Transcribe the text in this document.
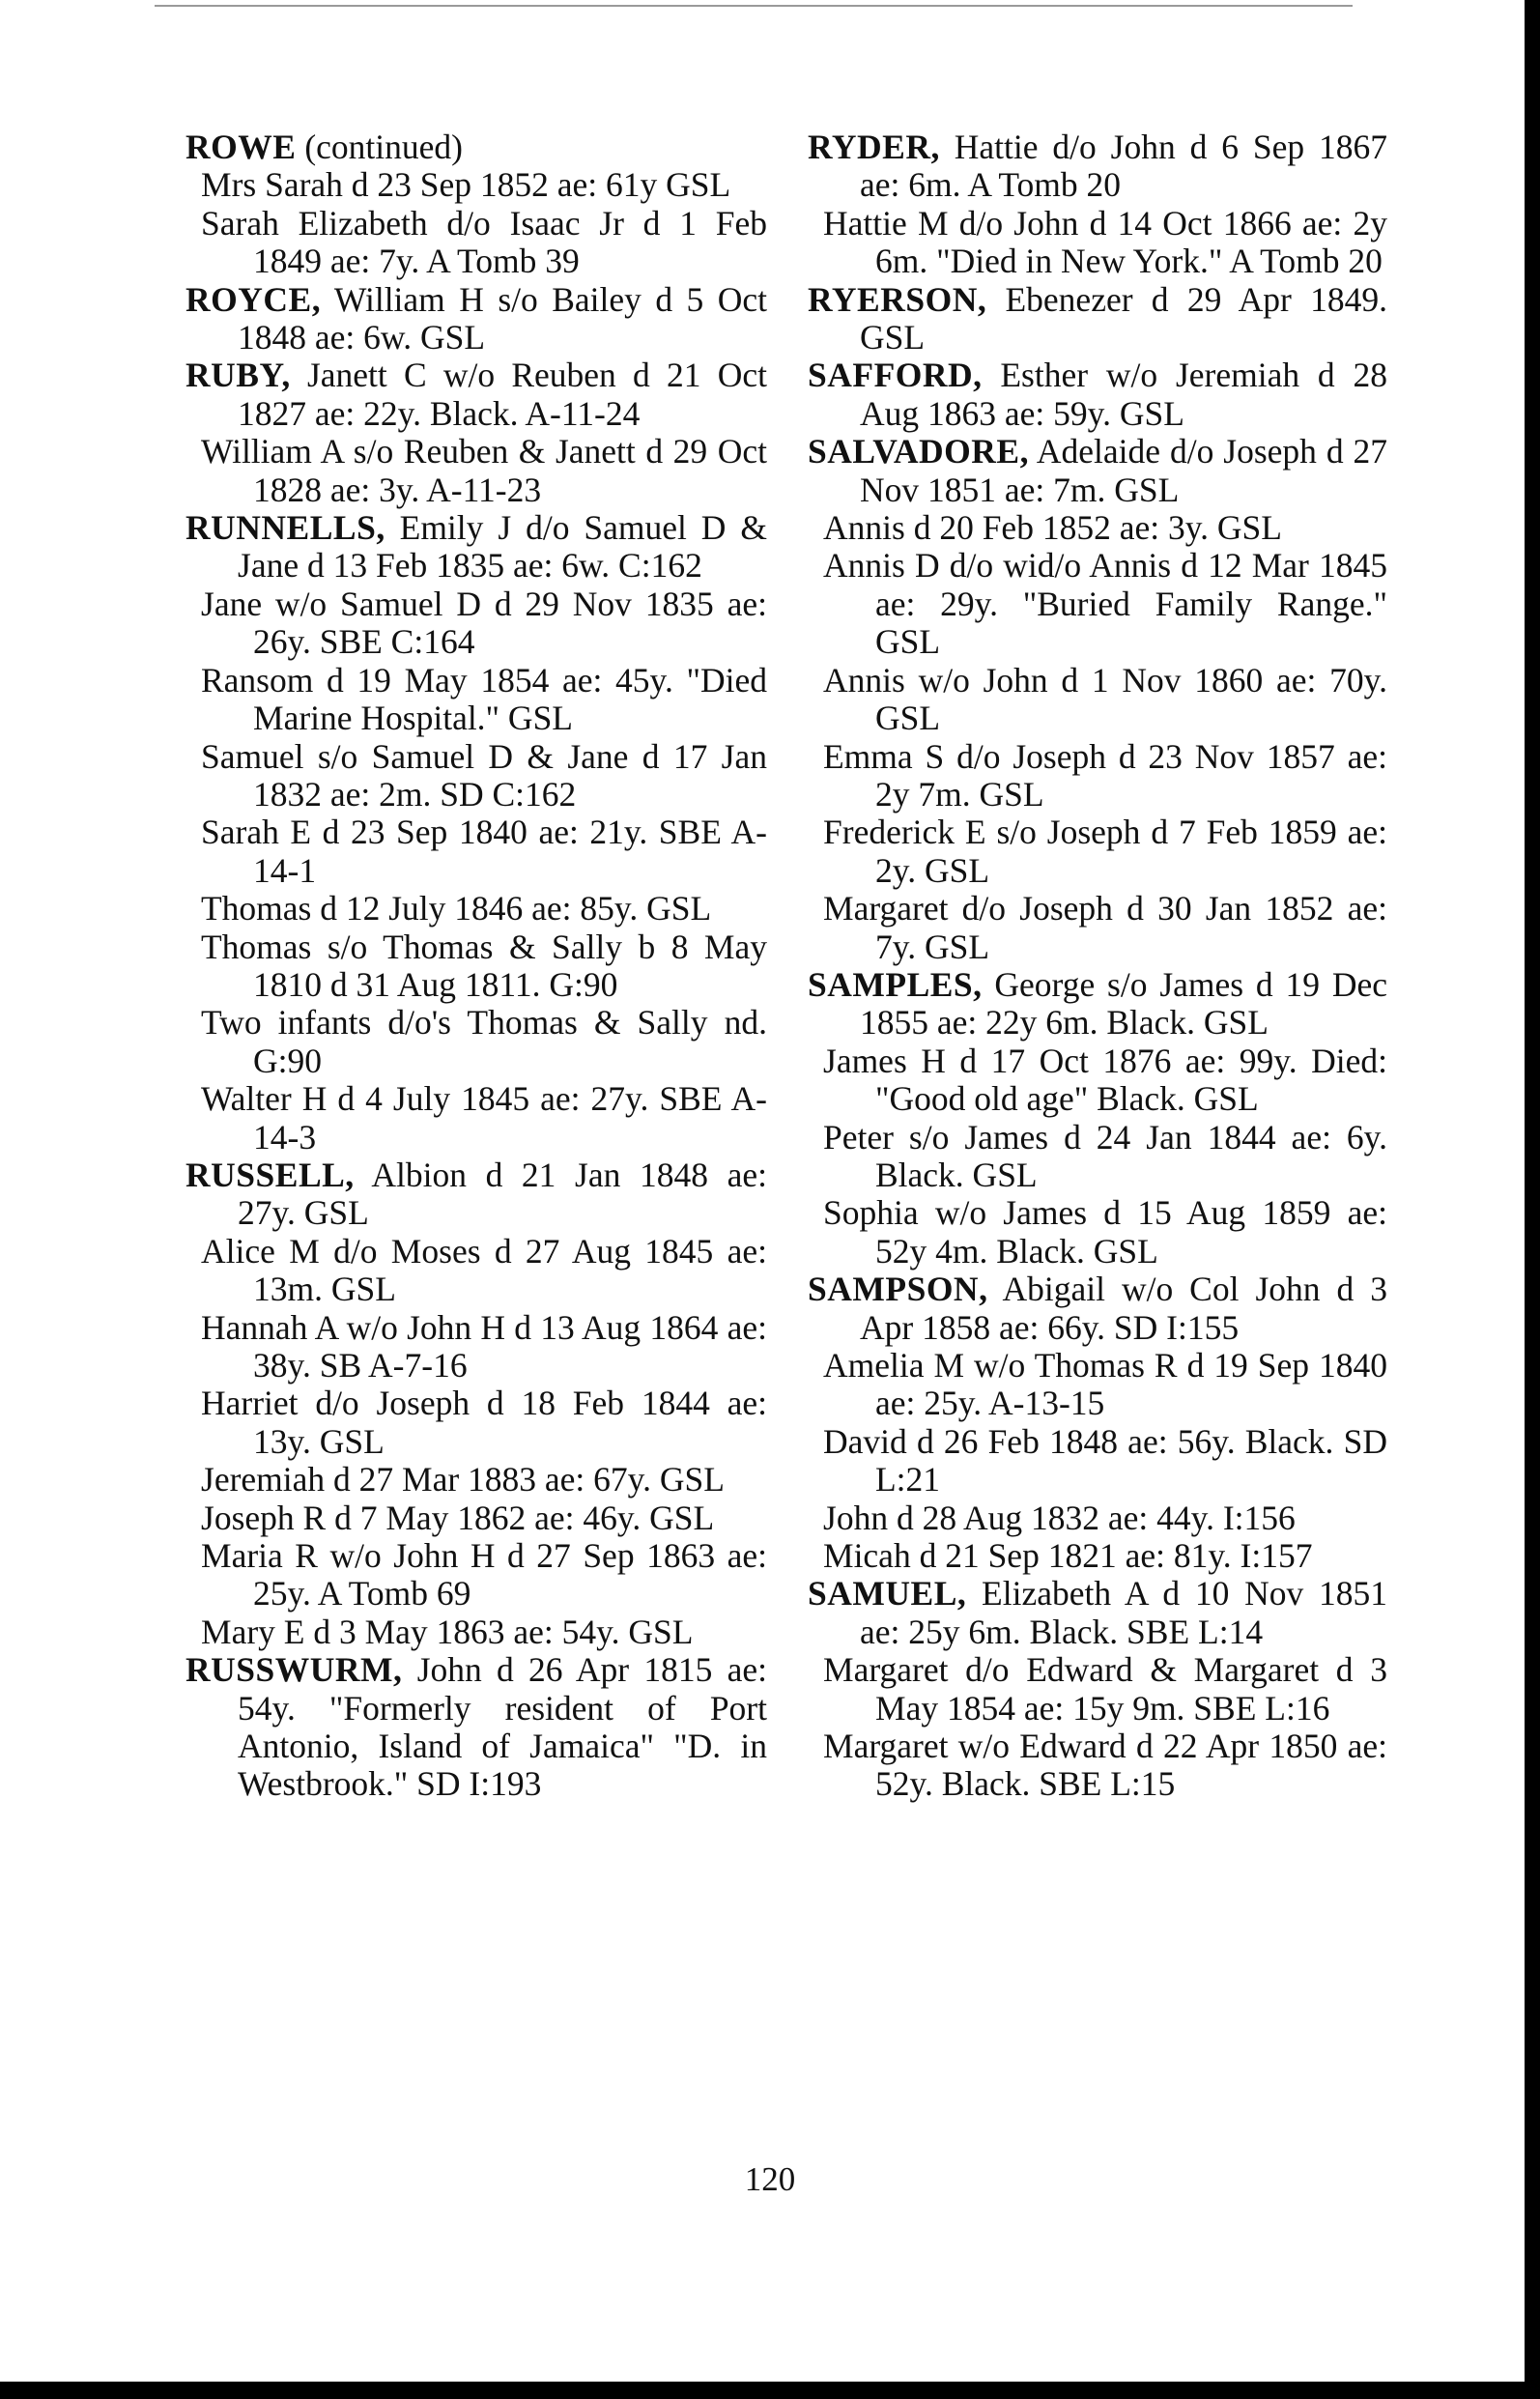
ROWE (continued)

Mrs Sarah d 23 Sep 1852 ae: 61y GSL

Sarah Elizabeth d/o Isaac Jr d 1 Feb 1849 ae: 7y. A Tomb 39

ROYCE, William H s/o Bailey d 5 Oct 1848 ae: 6w. GSL

RUBY, Janett C w/o Reuben d 21 Oct 1827 ae: 22y. Black. A-11-24

William A s/o Reuben & Janett d 29 Oct 1828 ae: 3y. A-11-23

RUNNELLS, Emily J d/o Samuel D & Jane d 13 Feb 1835 ae: 6w. C:162

Jane w/o Samuel D d 29 Nov 1835 ae: 26y. SBE C:164

Ransom d 19 May 1854 ae: 45y. "Died Marine Hospital." GSL

Samuel s/o Samuel D & Jane d 17 Jan 1832 ae: 2m. SD C:162

Sarah E d 23 Sep 1840 ae: 21y. SBE A-14-1

Thomas d 12 July 1846 ae: 85y. GSL

Thomas s/o Thomas & Sally b 8 May 1810 d 31 Aug 1811. G:90

Two infants d/o's Thomas & Sally nd. G:90

Walter H d 4 July 1845 ae: 27y. SBE A-14-3

RUSSELL, Albion d 21 Jan 1848 ae: 27y. GSL

Alice M d/o Moses d 27 Aug 1845 ae: 13m. GSL

Hannah A w/o John H d 13 Aug 1864 ae: 38y. SB A-7-16

Harriet d/o Joseph d 18 Feb 1844 ae: 13y. GSL

Jeremiah d 27 Mar 1883 ae: 67y. GSL

Joseph R d 7 May 1862 ae: 46y. GSL

Maria R w/o John H d 27 Sep 1863 ae: 25y. A Tomb 69

Mary E d 3 May 1863 ae: 54y. GSL

RUSSWURM, John d 26 Apr 1815 ae: 54y. "Formerly resident of Port Antonio, Island of Jamaica" "D. in Westbrook." SD I:193

RYDER, Hattie d/o John d 6 Sep 1867 ae: 6m. A Tomb 20

Hattie M d/o John d 14 Oct 1866 ae: 2y 6m. "Died in New York." A Tomb 20

RYERSON, Ebenezer d 29 Apr 1849. GSL

SAFFORD, Esther w/o Jeremiah d 28 Aug 1863 ae: 59y. GSL

SALVADORE, Adelaide d/o Joseph d 27 Nov 1851 ae: 7m. GSL

Annis d 20 Feb 1852 ae: 3y. GSL

Annis D d/o wid/o Annis d 12 Mar 1845 ae: 29y. "Buried Family Range." GSL

Annis w/o John d 1 Nov 1860 ae: 70y. GSL

Emma S d/o Joseph d 23 Nov 1857 ae: 2y 7m. GSL

Frederick E s/o Joseph d 7 Feb 1859 ae: 2y. GSL

Margaret d/o Joseph d 30 Jan 1852 ae: 7y. GSL

SAMPLES, George s/o James d 19 Dec 1855 ae: 22y 6m. Black. GSL

James H d 17 Oct 1876 ae: 99y. Died: "Good old age" Black. GSL

Peter s/o James d 24 Jan 1844 ae: 6y. Black. GSL

Sophia w/o James d 15 Aug 1859 ae: 52y 4m. Black. GSL

SAMPSON, Abigail w/o Col John d 3 Apr 1858 ae: 66y. SD I:155

Amelia M w/o Thomas R d 19 Sep 1840 ae: 25y. A-13-15

David d 26 Feb 1848 ae: 56y. Black. SD L:21

John d 28 Aug 1832 ae: 44y. I:156

Micah d 21 Sep 1821 ae: 81y. I:157

SAMUEL, Elizabeth A d 10 Nov 1851 ae: 25y 6m. Black. SBE L:14

Margaret d/o Edward & Margaret d 3 May 1854 ae: 15y 9m. SBE L:16

Margaret w/o Edward d 22 Apr 1850 ae: 52y. Black. SBE L:15

120
